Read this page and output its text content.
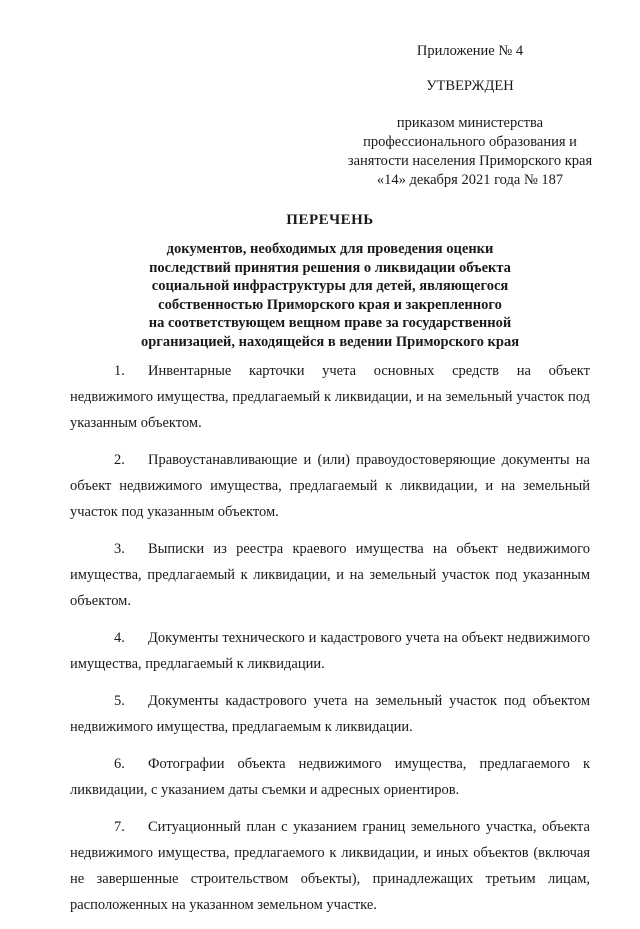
Приложение № 4
УТВЕРЖДЕН
приказом министерства
профессионального образования и
занятости населения Приморского края
«14» декабря 2021 года № 187
ПЕРЕЧЕНЬ
документов, необходимых для проведения оценки
последствий принятия решения о ликвидации объекта
социальной инфраструктуры для детей, являющегося
собственностью Приморского края и закрепленного
на соответствующем вещном праве за государственной
организацией, находящейся в ведении Приморского края

1. Инвентарные карточки учета основных средств на объект недвижимого имущества, предлагаемый к ликвидации, и на земельный участок под указанным объектом.

2. Правоустанавливающие и (или) правоудостоверяющие документы на объект недвижимого имущества, предлагаемый к ликвидации, и на земельный участок под указанным объектом.

3. Выписки из реестра краевого имущества на объект недвижимого имущества, предлагаемый к ликвидации, и на земельный участок под указанным объектом.

4. Документы технического и кадастрового учета на объект недвижимого имущества, предлагаемый к ликвидации.

5. Документы кадастрового учета на земельный участок под объектом недвижимого имущества, предлагаемым к ликвидации.

6. Фотографии объекта недвижимого имущества, предлагаемого к ликвидации, с указанием даты съемки и адресных ориентиров.

7. Ситуационный план с указанием границ земельного участка, объекта недвижимого имущества, предлагаемого к ликвидации, и иных объектов (включая не завершенные строительством объекты), принадлежащих третьим лицам, расположенных на указанном земельном участке.
